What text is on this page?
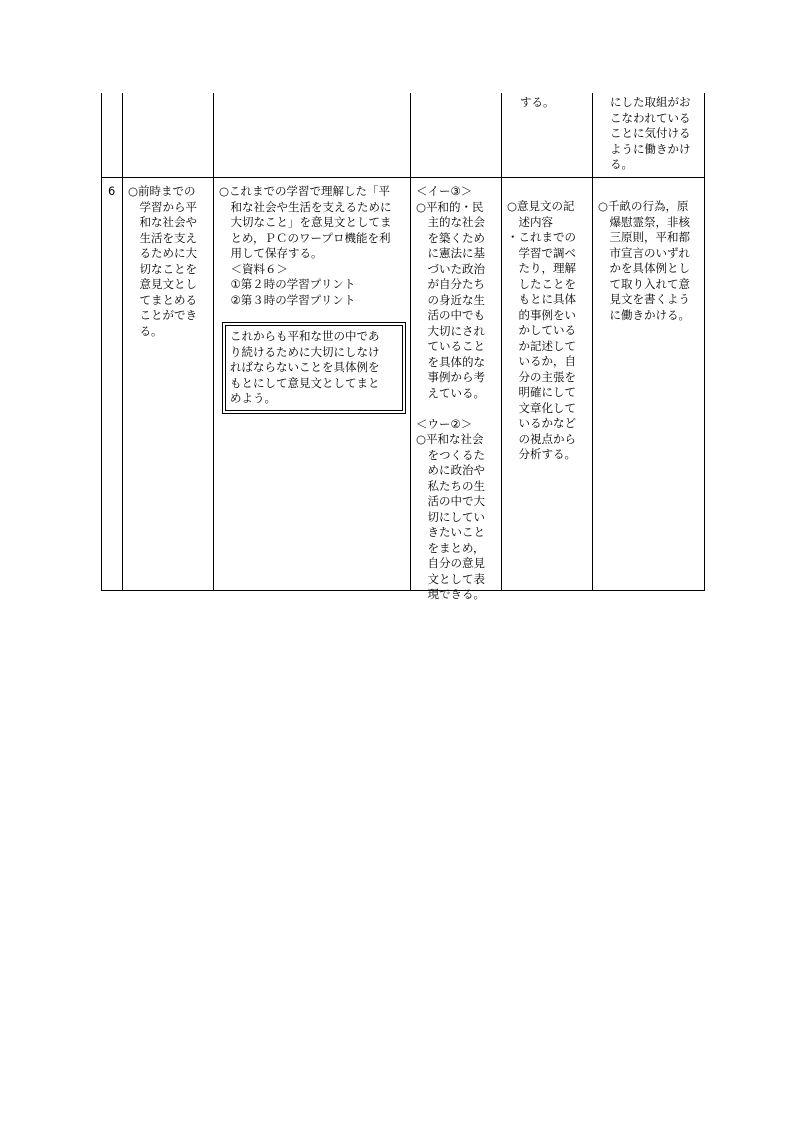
する。	にした取組がお
こなわれている
ことに気付ける
ように働きかけ
る。
6	○前時までの
　学習から平
　和な社会や
　生活を支え
　るために大
　切なことを
　意見文とし
　てまとめる
　ことができ
　る。
○これまでの学習で理解した「平
　和な社会や生活を支えるために
　大切なこと」を意見文としてま
　とめ，ＰＣのワープロ機能を利
　用して保存する。
　＜資料６＞
　①第２時の学習プリント
　②第３時の学習プリント
これからも平和な世の中であ
り続けるために大切にしなけ
ればならないことを具体例を
もとにして意見文としてまと
めよう。
＜イー③＞
○平和的・民
　主的な社会
　を築くため
　に憲法に基
　づいた政治
　が自分たち
　の身近な生
　活の中でも
　大切にされ
　ていること
　を具体的な
　事例から考
　えている。

＜ウー②＞
○平和な社会
　をつくるた
　めに政治や
　私たちの生
　活の中で大
　切にしてい
　きたいこと
　をまとめ，
　自分の意見
　文として表
　現できる。
○意見文の記
　述内容
・これまでの
　学習で調べ
　たり，理解
　したことを
　もとに具体
　的事例をい
　かしている
　か記述して
　いるか，自
　分の主張を
　明確にして
　文章化して
　いるかなど
　の視点から
　分析する。
○千畝の行為，原
　爆慰霊祭，非核
　三原則，平和都
　市宣言のいずれ
　かを具体例とし
　て取り入れて意
　見文を書くよう
　に働きかける。
